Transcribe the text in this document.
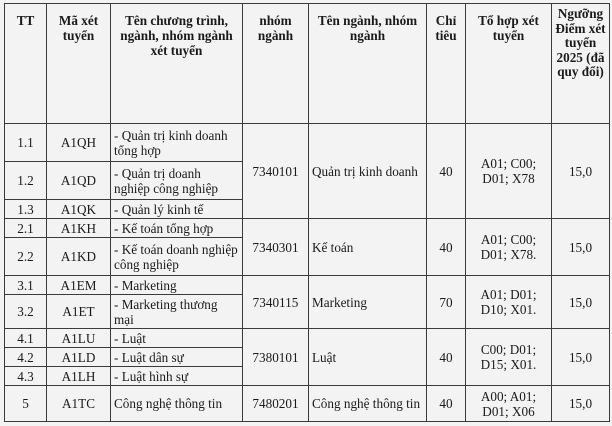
TT	Mã xét tuyển	Tên chương trình, ngành, nhóm ngành xét tuyển	nhóm ngành	Tên ngành, nhóm ngành	Chỉ tiêu	Tổ hợp xét tuyển	Ngưỡng Điểm xét tuyển 2025 (đã quy đổi)
1.1	A1QH	- Quản trị kinh doanh tổng hợp	7340101	Quản trị kinh doanh	40	A01; C00; D01; X78	15,0
1.2	A1QD	- Quản trị doanh nghiệp công nghiệp					
1.3	A1QK	- Quản lý kinh tế					
2.1	A1KH	- Kế toán tổng hợp	7340301	Kế toán	40	A01; C00; D01; X78.	15,0
2.2	A1KD	- Kế toán doanh nghiệp công nghiệp					
3.1	A1EM	- Marketing	7340115	Marketing	70	A01; D01; D10; X01.	15,0
3.2	A1ET	- Marketing thương mại					
4.1	A1LU	- Luật	7380101	Luật	40	C00; D01; D15; X01.	15,0
4.2	A1LD	- Luật dân sự					
4.3	A1LH	- Luật hình sự					
5	A1TC	Công nghệ thông tin	7480201	Công nghệ thông tin	40	A00; A01; D01; X06	15,0
